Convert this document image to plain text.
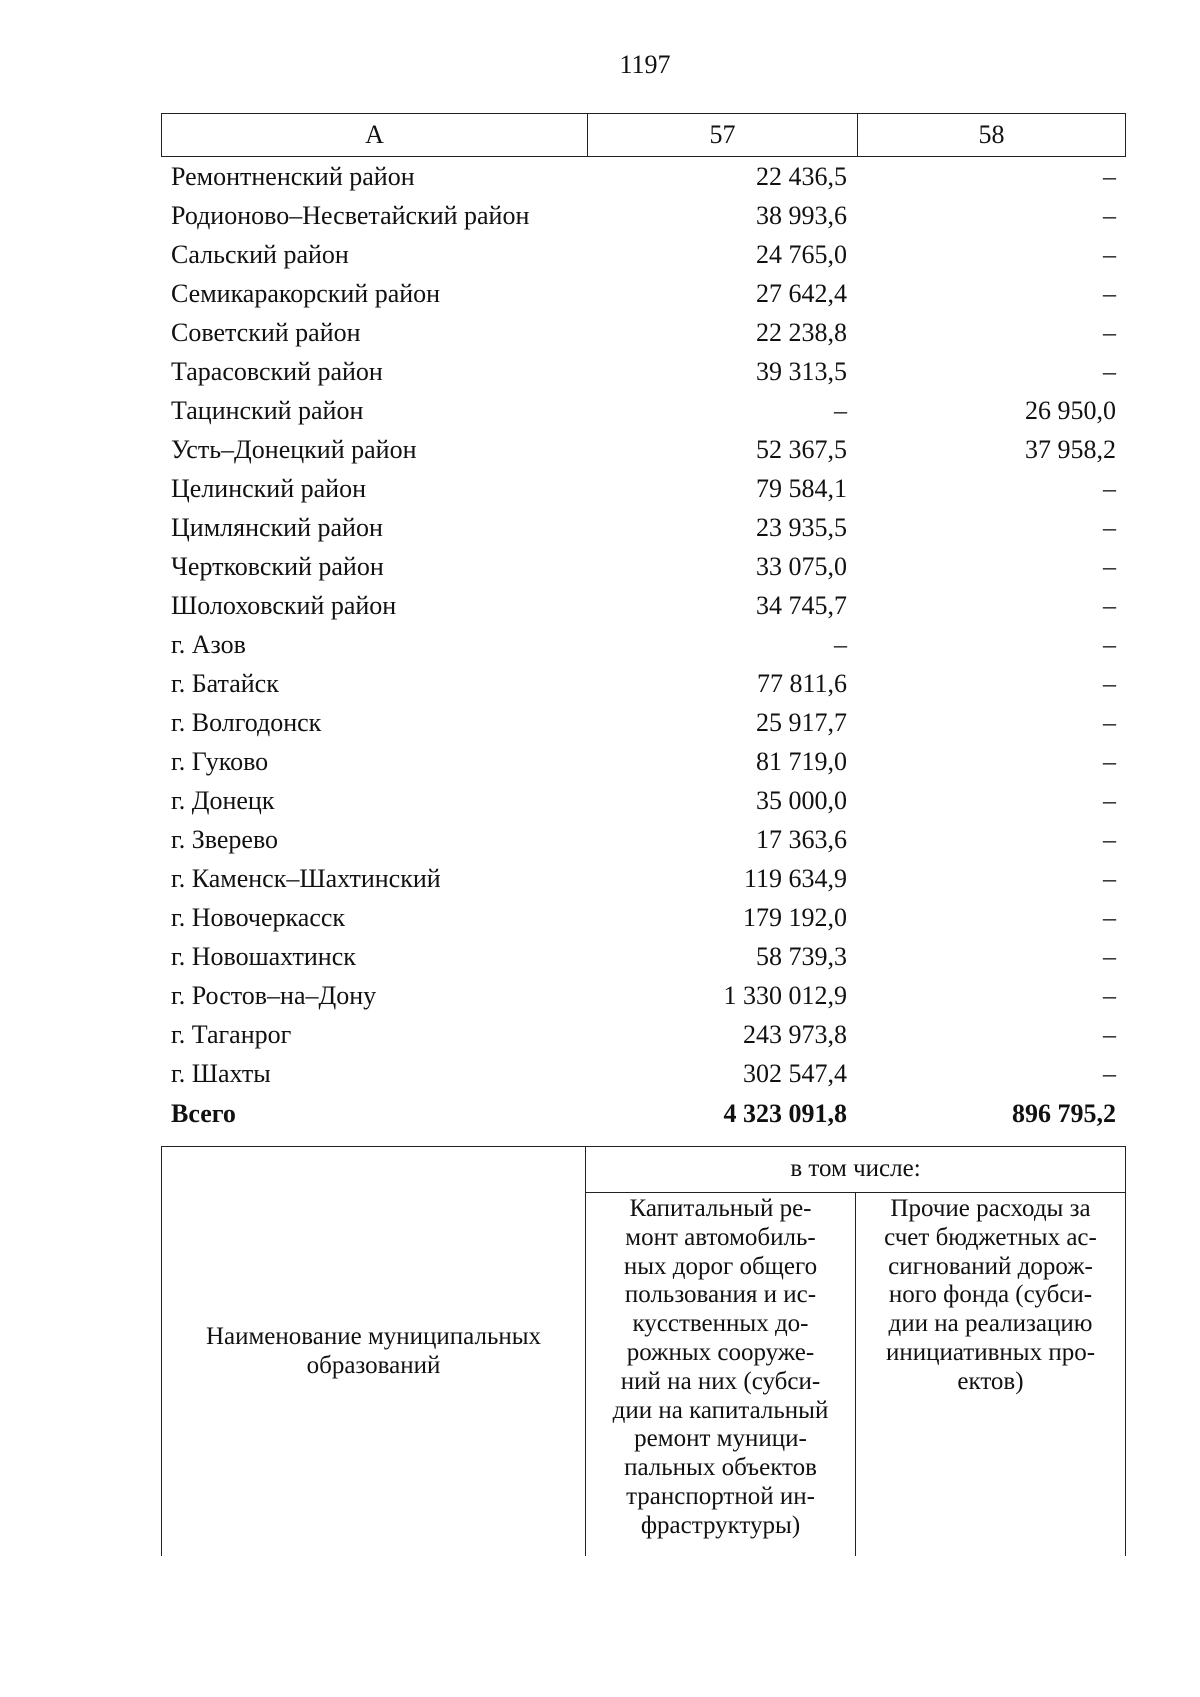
1197
А	57	58
Ремонтненский район	22 436,5	–
Родионово–Несветайский район	38 993,6	–
Сальский район	24 765,0	–
Семикаракорский район	27 642,4	–
Советский район	22 238,8	–
Тарасовский район	39 313,5	–
Тацинский район	–	26 950,0
Усть–Донецкий район	52 367,5	37 958,2
Целинский район	79 584,1	–
Цимлянский район	23 935,5	–
Чертковский район	33 075,0	–
Шолоховский район	34 745,7	–
г. Азов	–	–
г. Батайск	77 811,6	–
г. Волгодонск	25 917,7	–
г. Гуково	81 719,0	–
г. Донецк	35 000,0	–
г. Зверево	17 363,6	–
г. Каменск–Шахтинский	119 634,9	–
г. Новочеркасск	179 192,0	–
г. Новошахтинск	58 739,3	–
г. Ростов–на–Дону	1 330 012,9	–
г. Таганрог	243 973,8	–
г. Шахты	302 547,4	–
Всего	4 323 091,8	896 795,2
Наименование муниципальных образований
в том числе:
Капитальный ре-
монт автомобиль-
ных дорог общего
пользования и ис-
кусственных до-
рожных сооруже-
ний на них (субси-
дии на капитальный
ремонт муници-
пальных объектов
транспортной ин-
фраструктуры)
Прочие расходы за
счет бюджетных ас-
сигнований дорож-
ного фонда (субси-
дии на реализацию
инициативных про-
ектов)
